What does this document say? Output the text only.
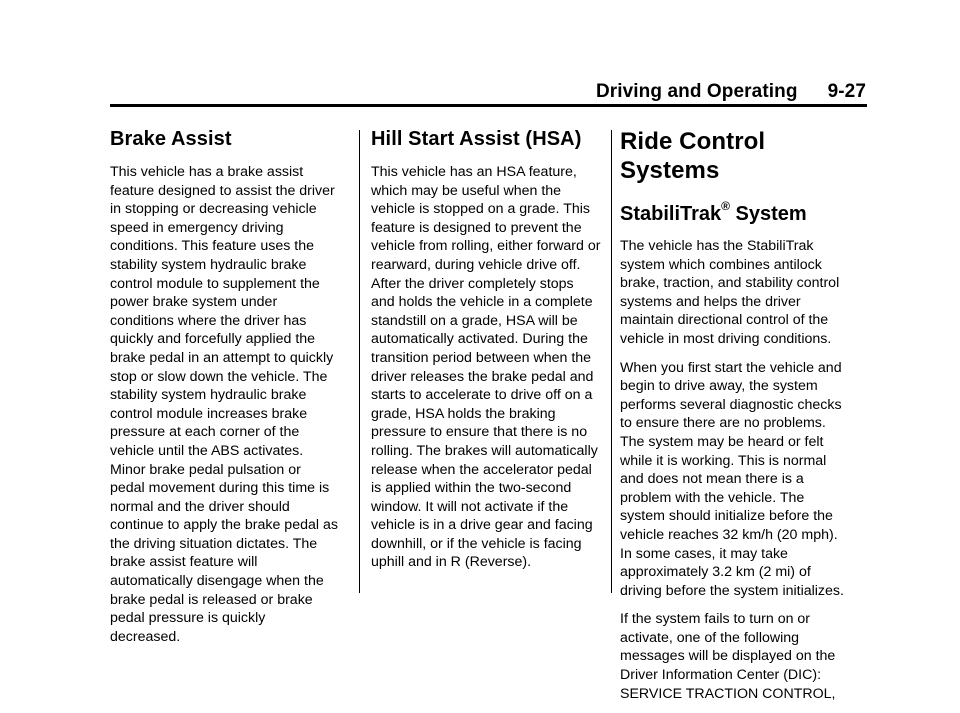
Driving and Operating 9-27
Brake Assist

This vehicle has a brake assist
feature designed to assist the driver
in stopping or decreasing vehicle
speed in emergency driving
conditions. This feature uses the
stability system hydraulic brake
control module to supplement the
power brake system under
conditions where the driver has
quickly and forcefully applied the
brake pedal in an attempt to quickly
stop or slow down the vehicle. The
stability system hydraulic brake
control module increases brake
pressure at each corner of the
vehicle until the ABS activates.
Minor brake pedal pulsation or
pedal movement during this time is
normal and the driver should
continue to apply the brake pedal as
the driving situation dictates. The
brake assist feature will
automatically disengage when the
brake pedal is released or brake
pedal pressure is quickly
decreased.

Hill Start Assist (HSA)

This vehicle has an HSA feature,
which may be useful when the
vehicle is stopped on a grade. This
feature is designed to prevent the
vehicle from rolling, either forward or
rearward, during vehicle drive off.
After the driver completely stops
and holds the vehicle in a complete
standstill on a grade, HSA will be
automatically activated. During the
transition period between when the
driver releases the brake pedal and
starts to accelerate to drive off on a
grade, HSA holds the braking
pressure to ensure that there is no
rolling. The brakes will automatically
release when the accelerator pedal
is applied within the two-second
window. It will not activate if the
vehicle is in a drive gear and facing
downhill, or if the vehicle is facing
uphill and in R (Reverse).

Ride Control Systems
StabiliTrak® System

The vehicle has the StabiliTrak
system which combines antilock
brake, traction, and stability control
systems and helps the driver
maintain directional control of the
vehicle in most driving conditions.

When you first start the vehicle and
begin to drive away, the system
performs several diagnostic checks
to ensure there are no problems.
The system may be heard or felt
while it is working. This is normal
and does not mean there is a
problem with the vehicle. The
system should initialize before the
vehicle reaches 32 km/h (20 mph).
In some cases, it may take
approximately 3.2 km (2 mi) of
driving before the system initializes.

If the system fails to turn on or
activate, one of the following
messages will be displayed on the
Driver Information Center (DIC):
SERVICE TRACTION CONTROL,
